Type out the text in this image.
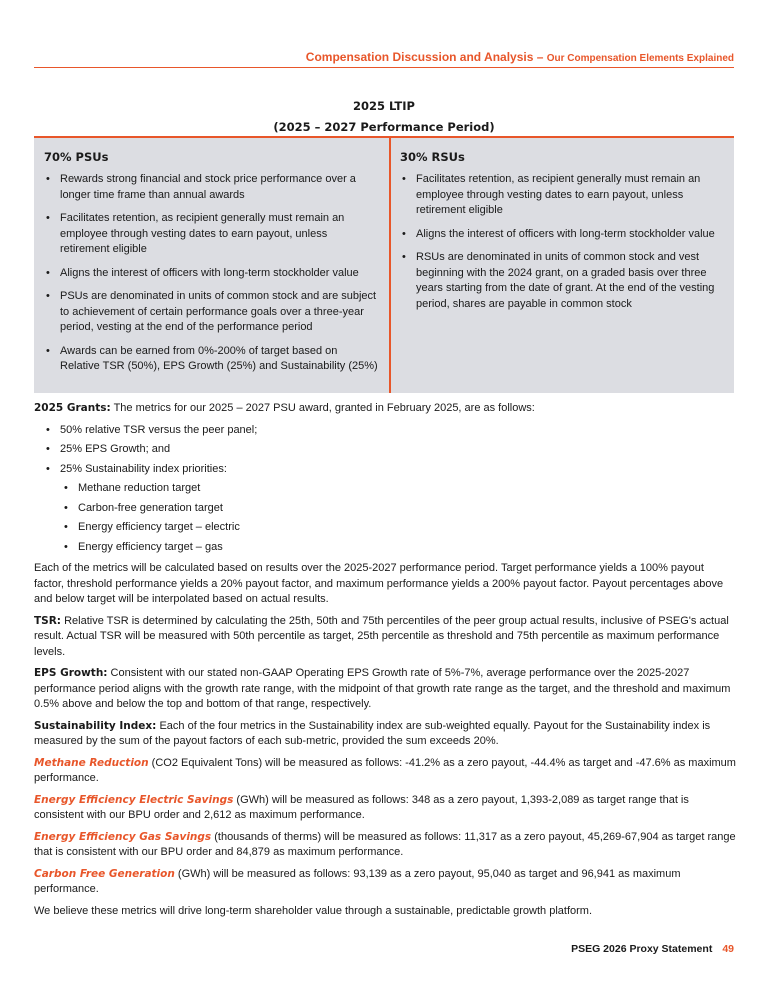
Compensation Discussion and Analysis – Our Compensation Elements Explained
2025 LTIP
(2025 – 2027 Performance Period)
70% PSUs
• Rewards strong financial and stock price performance over a longer time frame than annual awards
• Facilitates retention, as recipient generally must remain an employee through vesting dates to earn payout, unless retirement eligible
• Aligns the interest of officers with long-term stockholder value
• PSUs are denominated in units of common stock and are subject to achievement of certain performance goals over a three-year period, vesting at the end of the performance period
• Awards can be earned from 0%-200% of target based on Relative TSR (50%), EPS Growth (25%) and Sustainability (25%)
30% RSUs
• Facilitates retention, as recipient generally must remain an employee through vesting dates to earn payout, unless retirement eligible
• Aligns the interest of officers with long-term stockholder value
• RSUs are denominated in units of common stock and vest beginning with the 2024 grant, on a graded basis over three years starting from the date of grant. At the end of the vesting period, shares are payable in common stock

2025 Grants: The metrics for our 2025 – 2027 PSU award, granted in February 2025, are as follows:

• 50% relative TSR versus the peer panel;
• 25% EPS Growth; and
• 25% Sustainability index priorities:
• Methane reduction target
• Carbon-free generation target
• Energy efficiency target – electric
• Energy efficiency target – gas

Each of the metrics will be calculated based on results over the 2025-2027 performance period. Target performance yields a 100% payout factor, threshold performance yields a 20% payout factor, and maximum performance yields a 200% payout factor. Payout percentages above and below target will be interpolated based on actual results.

TSR: Relative TSR is determined by calculating the 25th, 50th and 75th percentiles of the peer group actual results, inclusive of PSEG's actual result. Actual TSR will be measured with 50th percentile as target, 25th percentile as threshold and 75th percentile as maximum performance levels.

EPS Growth: Consistent with our stated non-GAAP Operating EPS Growth rate of 5%-7%, average performance over the 2025-2027 performance period aligns with the growth rate range, with the midpoint of that growth rate range as the target, and the threshold and maximum 0.5% above and below the top and bottom of that range, respectively.

Sustainability Index: Each of the four metrics in the Sustainability index are sub-weighted equally. Payout for the Sustainability index is measured by the sum of the payout factors of each sub-metric, provided the sum exceeds 20%.

Methane Reduction (CO2 Equivalent Tons) will be measured as follows: -41.2% as a zero payout, -44.4% as target and -47.6% as maximum performance.

Energy Efficiency Electric Savings (GWh) will be measured as follows: 348 as a zero payout, 1,393-2,089 as target range that is consistent with our BPU order and 2,612 as maximum performance.

Energy Efficiency Gas Savings (thousands of therms) will be measured as follows: 11,317 as a zero payout, 45,269-67,904 as target range that is consistent with our BPU order and 84,879 as maximum performance.

Carbon Free Generation (GWh) will be measured as follows: 93,139 as a zero payout, 95,040 as target and 96,941 as maximum performance.

We believe these metrics will drive long-term shareholder value through a sustainable, predictable growth platform.

PSEG 2026 Proxy Statement 49
